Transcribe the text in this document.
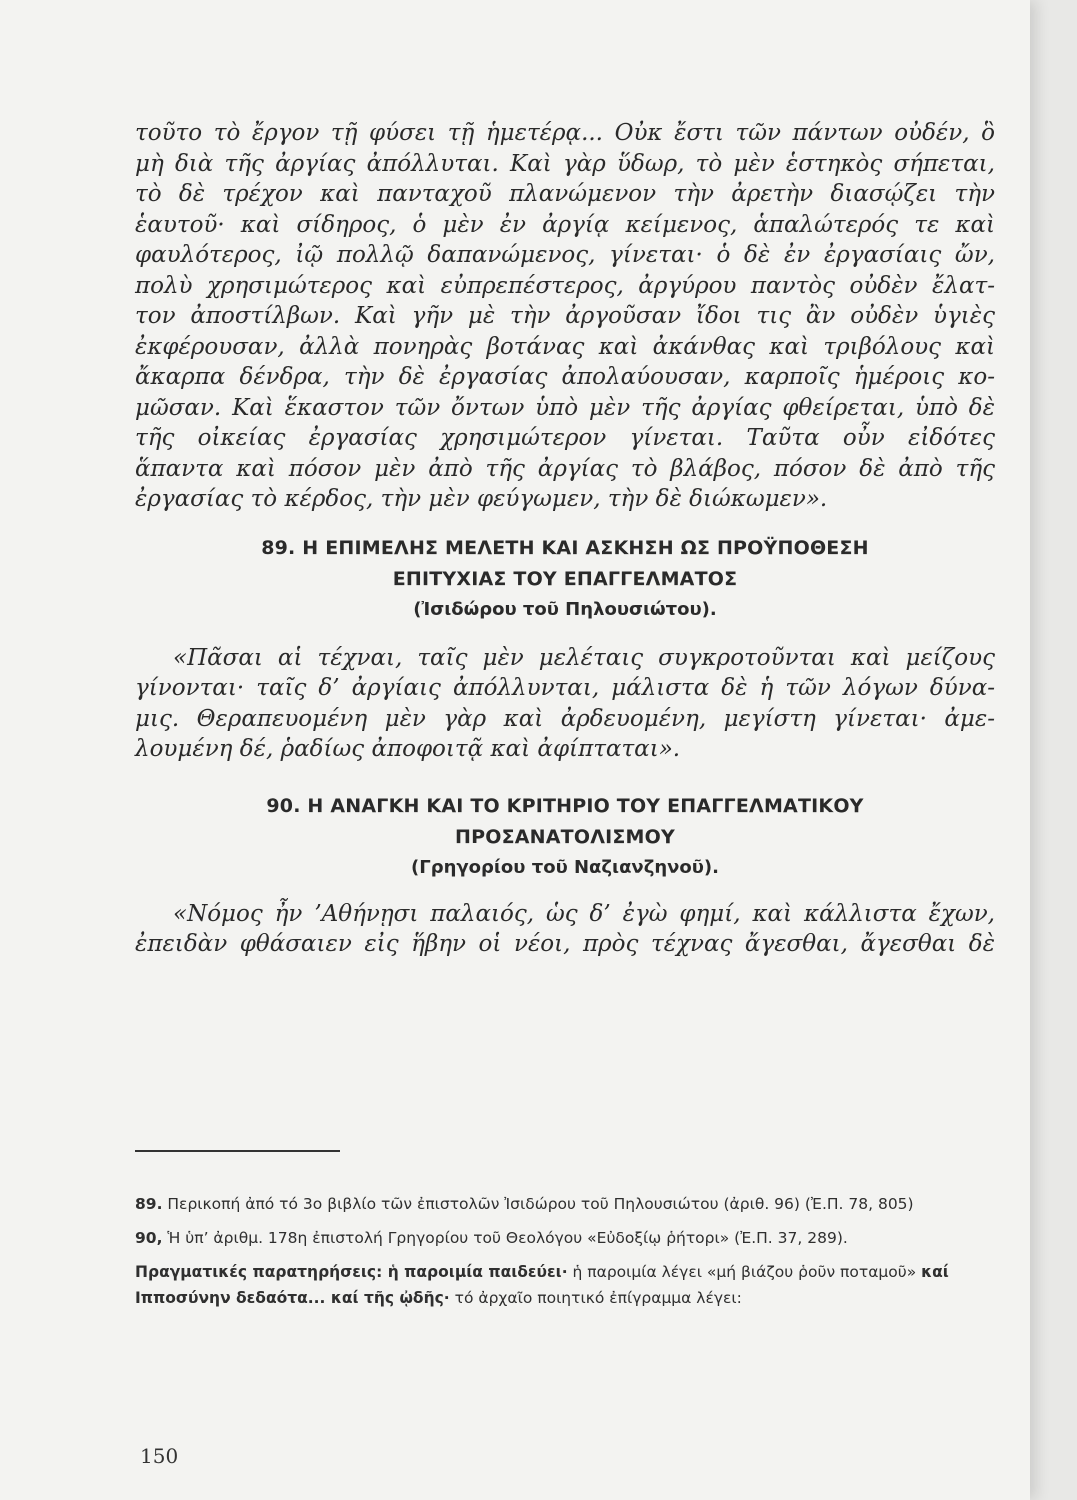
τοῦτο τὸ ἔργον τῇ φύσει τῇ ἡμετέρᾳ... Οὐκ ἔστι τῶν πάντων οὐδέν, ὃ
μὴ διὰ τῆς ἀργίας ἀπόλλυται. Καὶ γὰρ ὕδωρ, τὸ μὲν ἑστηκὸς σήπεται,
τὸ δὲ τρέχον καὶ πανταχοῦ πλανώμενον τὴν ἀρετὴν διασῴζει τὴν
ἑαυτοῦ· καὶ σίδηρος, ὁ μὲν ἐν ἀργίᾳ κείμενος, ἁπαλώτερός τε καὶ
φαυλότερος, ἰῷ πολλῷ δαπανώμενος, γίνεται· ὁ δὲ ἐν ἐργασίαις ὤν,
πολὺ χρησιμώτερος καὶ εὐπρεπέστερος, ἀργύρου παντὸς οὐδὲν ἔλατ-
τον ἀποστίλβων. Καὶ γῆν μὲ τὴν ἀργοῦσαν ἴδοι τις ἂν οὐδὲν ὑγιὲς
ἐκφέρουσαν, ἀλλὰ πονηρὰς βοτάνας καὶ ἀκάνθας καὶ τριβόλους καὶ
ἄκαρπα δένδρα, τὴν δὲ ἐργασίας ἀπολαύουσαν, καρποῖς ἡμέροις κο-
μῶσαν. Καὶ ἕκαστον τῶν ὄντων ὑπὸ μὲν τῆς ἀργίας φθείρεται, ὑπὸ δὲ
τῆς οἰκείας ἐργασίας χρησιμώτερον γίνεται. Ταῦτα οὖν εἰδότες
ἅπαντα καὶ πόσον μὲν ἀπὸ τῆς ἀργίας τὸ βλάβος, πόσον δὲ ἀπὸ τῆς
ἐργασίας τὸ κέρδος, τὴν μὲν φεύγωμεν, τὴν δὲ διώκωμεν».

89. Η ΕΠΙΜΕΛΗΣ ΜΕΛΕΤΗ ΚΑΙ ΑΣΚΗΣΗ ΩΣ ΠΡΟΫΠΟΘΕΣΗ
ΕΠΙΤΥΧΙΑΣ ΤΟΥ ΕΠΑΓΓΕΛΜΑΤΟΣ
(Ἰσιδώρου τοῦ Πηλουσιώτου).

«Πᾶσαι αἱ τέχναι, ταῖς μὲν μελέταις συγκροτοῦνται καὶ μείζους
γίνονται· ταῖς δ’ ἀργίαις ἀπόλλυνται, μάλιστα δὲ ἡ τῶν λόγων δύνα-
μις. Θεραπευομένη μὲν γὰρ καὶ ἀρδευομένη, μεγίστη γίνεται· ἀμε-
λουμένη δέ, ῥαδίως ἀποφοιτᾷ καὶ ἀφίπταται».

90. Η ΑΝΑΓΚΗ ΚΑΙ ΤΟ ΚΡΙΤΗΡΙΟ ΤΟΥ ΕΠΑΓΓΕΛΜΑΤΙΚΟΥ
ΠΡΟΣΑΝΑΤΟΛΙΣΜΟΥ
(Γρηγορίου τοῦ Ναζιανζηνοῦ).

«Νόμος ἦν ’Αθήνῃσι παλαιός, ὡς δ’ ἐγὼ φημί, καὶ κάλλιστα ἔχων,
ἐπειδὰν φθάσαιεν εἰς ἥβην οἱ νέοι, πρὸς τέχνας ἄγεσθαι, ἄγεσθαι δὲ

89. Περικοπή ἀπό τό 3ο βιβλίο τῶν ἐπιστολῶν Ἰσιδώρου τοῦ Πηλουσιώτου (ἀριθ. 96) (Ἐ.Π. 78, 805)

90, Ἡ ὑπ’ ἀριθμ. 178η ἐπιστολή Γρηγορίου τοῦ Θεολόγου «Εὐδοξίῳ ῥήτορι» (Ἐ.Π. 37, 289).

Πραγματικές παρατηρήσεις: ἡ παροιμία παιδεύει· ἡ παροιμία λέγει «μή βιάζου ῥοῦν ποταμοῦ» καί Ιπποσύνην δεδαότα... καί τῆς ᾠδῆς· τό ἀρχαῖο ποιητικό ἐπίγραμμα λέγει:

150
